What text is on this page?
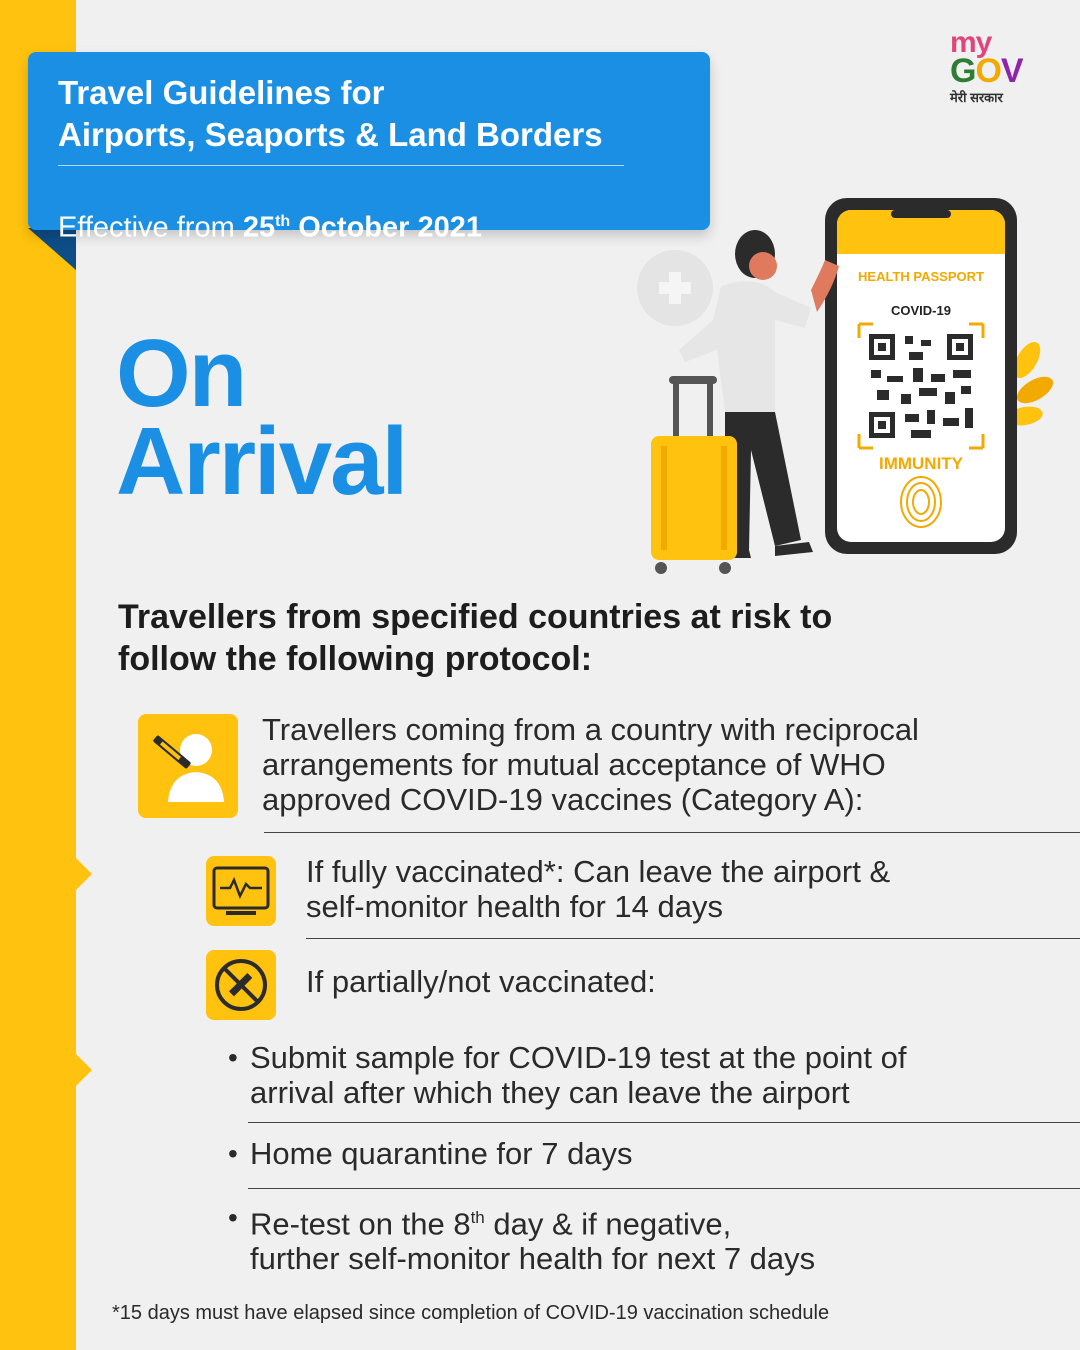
Travel Guidelines for
Airports, Seaports & Land Borders
Effective from 25th October 2021
my
GOV
मेरी सरकार
On
Arrival
HEALTH PASSPORT
COVID-19
IMMUNITY
Travellers from specified countries at risk to
follow the following protocol:
Travellers coming from a country with reciprocal
arrangements for mutual acceptance of WHO
approved COVID-19 vaccines (Category A):
If fully vaccinated*: Can leave the airport &
self-monitor health for 14 days
If partially/not vaccinated:
• Submit sample for COVID-19 test at the point of
arrival after which they can leave the airport
• Home quarantine for 7 days
• Re-test on the 8th day & if negative,
further self-monitor health for next 7 days
*15 days must have elapsed since completion of COVID-19 vaccination schedule
